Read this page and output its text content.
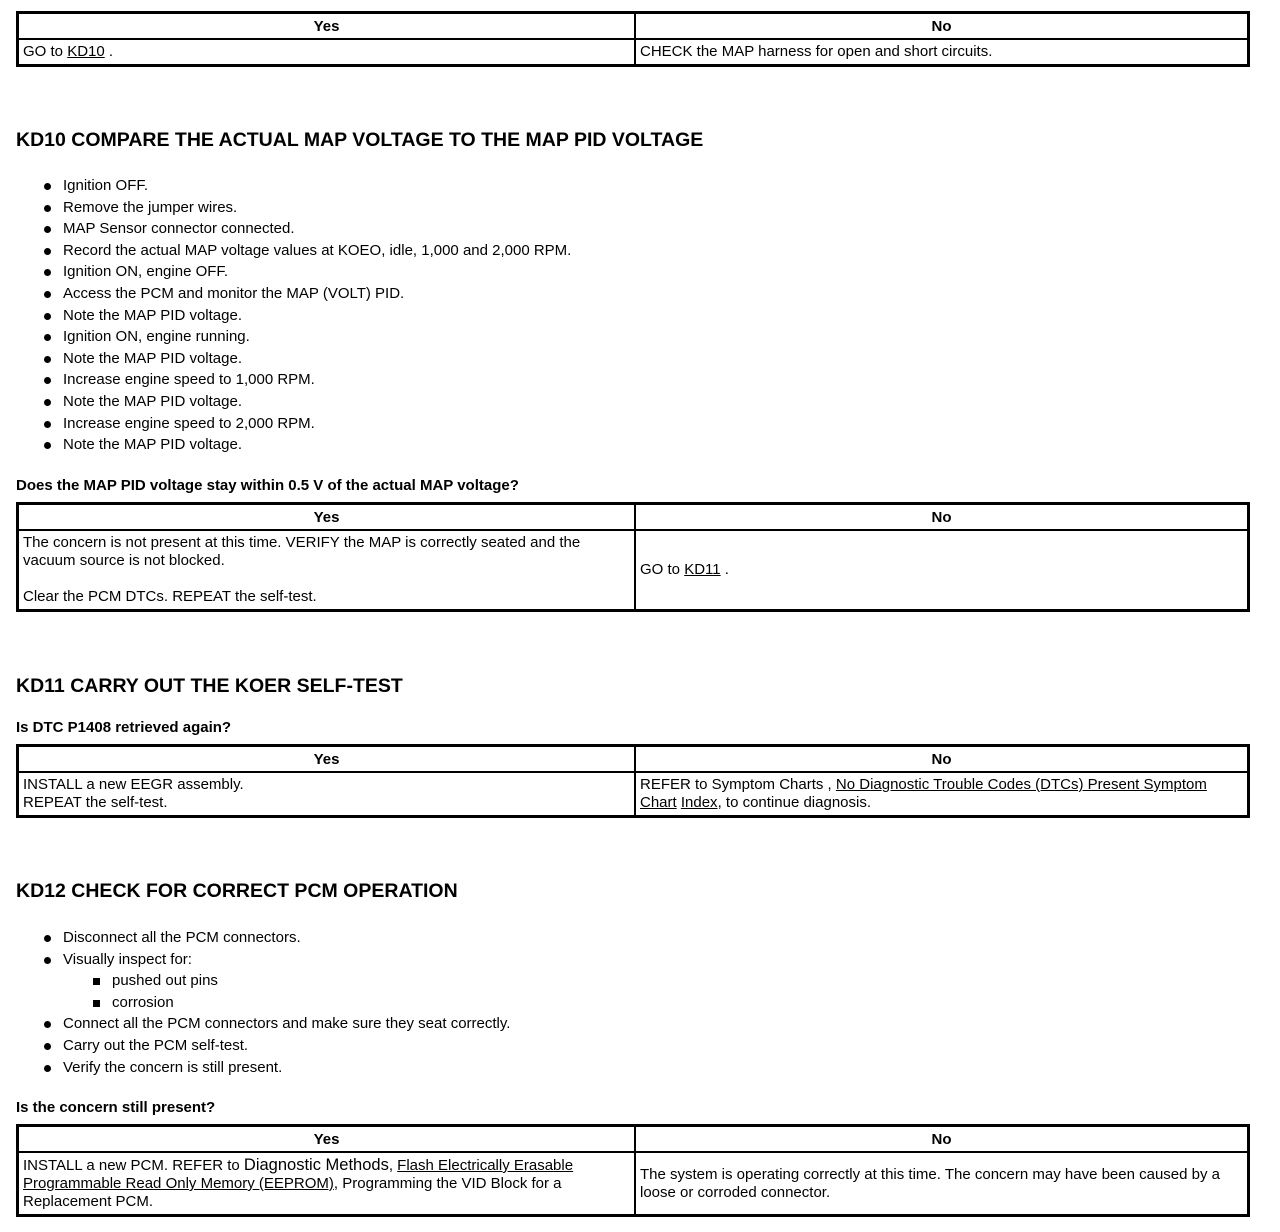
Yes	No
GO to KD10 .	CHECK the MAP harness for open and short circuits.
KD10 COMPARE THE ACTUAL MAP VOLTAGE TO THE MAP PID VOLTAGE
Ignition OFF.
Remove the jumper wires.
MAP Sensor connector connected.
Record the actual MAP voltage values at KOEO, idle, 1,000 and 2,000 RPM.
Ignition ON, engine OFF.
Access the PCM and monitor the MAP (VOLT) PID.
Note the MAP PID voltage.
Ignition ON, engine running.
Note the MAP PID voltage.
Increase engine speed to 1,000 RPM.
Note the MAP PID voltage.
Increase engine speed to 2,000 RPM.
Note the MAP PID voltage.

Does the MAP PID voltage stay within 0.5 V of the actual MAP voltage?

Yes	No

The concern is not present at this time. VERIFY the MAP is correctly seated and the vacuum source is not blocked.
Clear the PCM DTCs. REPEAT the self-test.	GO to KD11 .
KD11 CARRY OUT THE KOER SELF-TEST

Is DTC P1408 retrieved again?

Yes	No

INSTALL a new EEGR assembly.
REPEAT the self-test.	REFER to Symptom Charts , No Diagnostic Trouble Codes (DTCs) Present Symptom Chart Index, to continue diagnosis.
KD12 CHECK FOR CORRECT PCM OPERATION
Disconnect all the PCM connectors.
Visually inspect for:
pushed out pins
corrosion
Connect all the PCM connectors and make sure they seat correctly.
Carry out the PCM self-test.
Verify the concern is still present.

Is the concern still present?

Yes	No
INSTALL a new PCM. REFER to Diagnostic Methods, Flash Electrically Erasable Programmable Read Only Memory (EEPROM), Programming the VID Block for a Replacement PCM.	The system is operating correctly at this time. The concern may have been caused by a loose or corroded connector.
